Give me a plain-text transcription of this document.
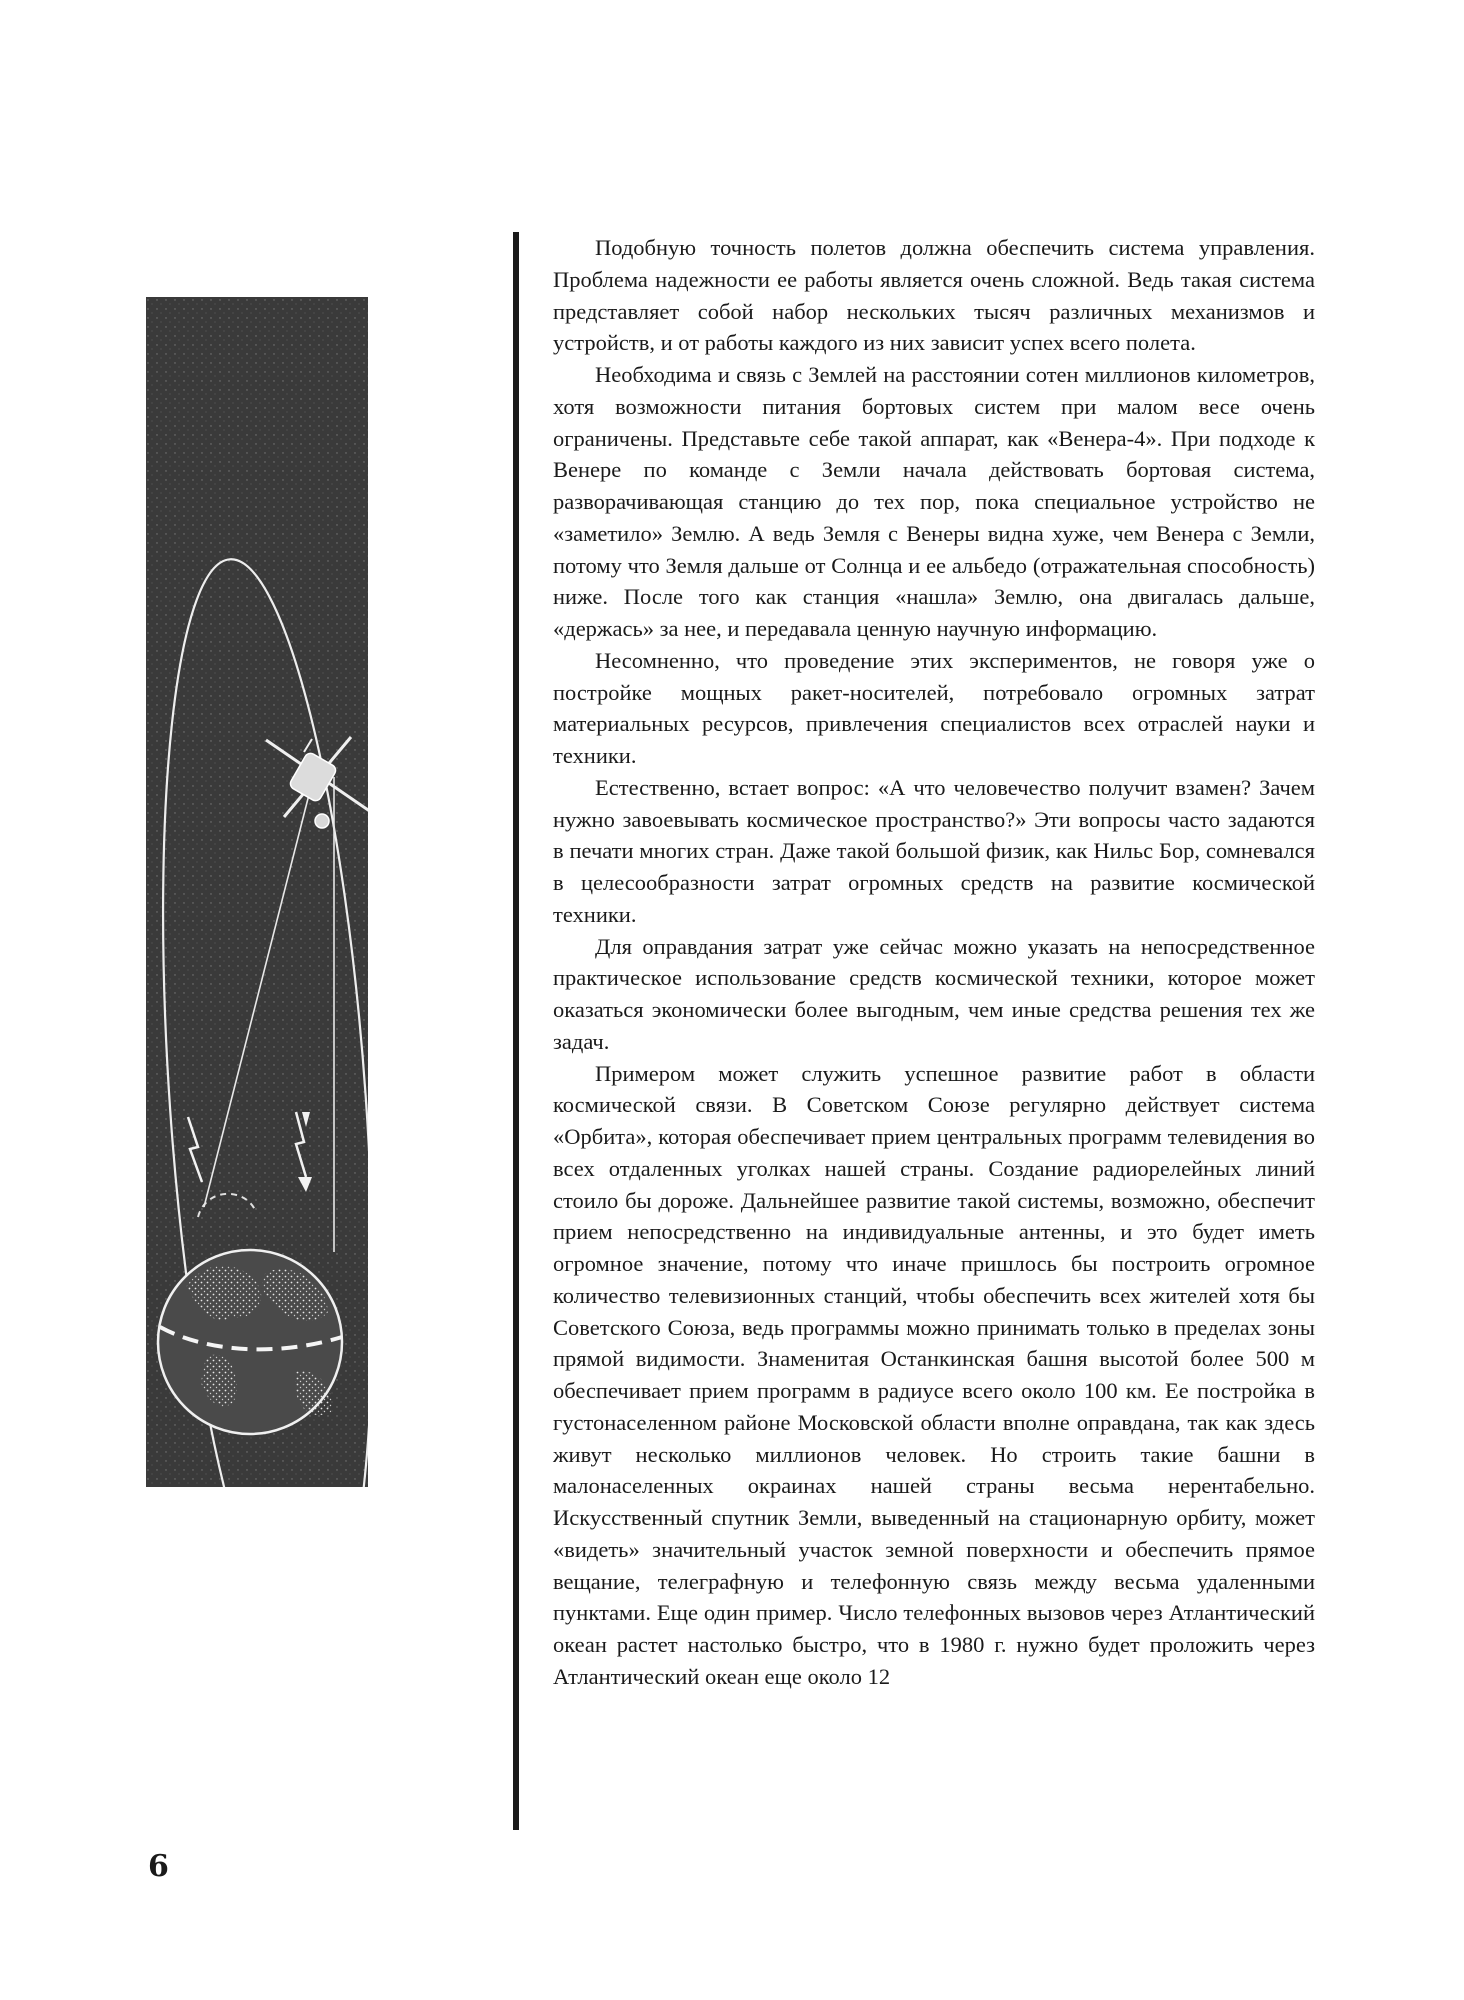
Подобную точность полетов должна обеспечить система управления. Проблема надежности ее работы является очень сложной. Ведь такая система представляет собой набор нескольких тысяч различных механизмов и устройств, и от работы каждого из них зависит успех всего полета.

Необходима и связь с Землей на расстоянии сотен миллионов километров, хотя возможности питания бортовых систем при малом весе очень ограничены. Представьте себе такой аппарат, как «Венера-4». При подходе к Венере по команде с Земли начала действовать бортовая система, разворачивающая станцию до тех пор, пока специальное устройство не «заметило» Землю. А ведь Земля с Венеры видна хуже, чем Венера с Земли, потому что Земля дальше от Солнца и ее альбедо (отражательная способность) ниже. После того как станция «нашла» Землю, она двигалась дальше, «держась» за нее, и передавала ценную научную информацию.

Несомненно, что проведение этих экспериментов, не говоря уже о постройке мощных ракет-носителей, потребовало огромных затрат материальных ресурсов, привлечения специалистов всех отраслей науки и техники.

Естественно, встает вопрос: «А что человечество получит взамен? Зачем нужно завоевывать космическое пространство?» Эти вопросы часто задаются в печати многих стран. Даже такой большой физик, как Нильс Бор, сомневался в целесообразности затрат огромных средств на развитие космической техники.

Для оправдания затрат уже сейчас можно указать на непосредственное практическое использование средств космической техники, которое может оказаться экономически более выгодным, чем иные средства решения тех же задач.

Примером может служить успешное развитие работ в области космической связи. В Советском Союзе регулярно действует система «Орбита», которая обеспечивает прием центральных программ телевидения во всех отдаленных уголках нашей страны. Создание радиорелейных линий стоило бы дороже. Дальнейшее развитие такой системы, возможно, обеспечит прием непосредственно на индивидуальные антенны, и это будет иметь огромное значение, потому что иначе пришлось бы построить огромное количество телевизионных станций, чтобы обеспечить всех жителей хотя бы Советского Союза, ведь программы можно принимать только в пределах зоны прямой видимости. Знаменитая Останкинская башня высотой более 500 м обеспечивает прием программ в радиусе всего около 100 км. Ее постройка в густонаселенном районе Московской области вполне оправдана, так как здесь живут несколько миллионов человек. Но строить такие башни в малонаселенных окраинах нашей страны весьма нерентабельно. Искусственный спутник Земли, выведенный на стационарную орбиту, может «видеть» значительный участок земной поверхности и обеспечить прямое вещание, телеграфную и телефонную связь между весьма удаленными пунктами. Еще один пример. Число телефонных вызовов через Атлантический океан растет настолько быстро, что в 1980 г. нужно будет проложить через Атлантический океан еще около 12

6
